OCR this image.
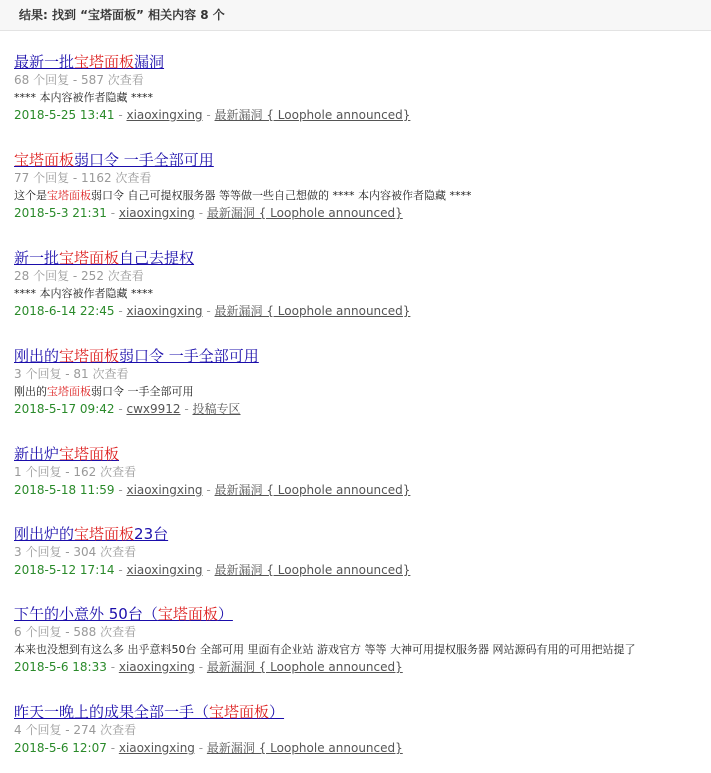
结果: 找到 “宝塔面板” 相关内容 8 个
最新一批宝塔面板漏洞
68 个回复 - 587 次查看
**** 本内容被作者隐藏 ****
2018-5-25 13:41 - xiaoxingxing - 最新漏洞 { Loophole announced}
宝塔面板弱口令 一手全部可用
77 个回复 - 1162 次查看
这个是宝塔面板弱口令 自己可提权服务器 等等做一些自己想做的 **** 本内容被作者隐藏 ****
2018-5-3 21:31 - xiaoxingxing - 最新漏洞 { Loophole announced}
新一批宝塔面板自己去提权
28 个回复 - 252 次查看
**** 本内容被作者隐藏 ****
2018-6-14 22:45 - xiaoxingxing - 最新漏洞 { Loophole announced}
刚出的宝塔面板弱口令 一手全部可用
3 个回复 - 81 次查看
刚出的宝塔面板弱口令 一手全部可用
2018-5-17 09:42 - cwx9912 - 投稿专区
新出炉宝塔面板
1 个回复 - 162 次查看
2018-5-18 11:59 - xiaoxingxing - 最新漏洞 { Loophole announced}
刚出炉的宝塔面板23台
3 个回复 - 304 次查看
2018-5-12 17:14 - xiaoxingxing - 最新漏洞 { Loophole announced}
下午的小意外 50台（宝塔面板）
6 个回复 - 588 次查看
本来也没想到有这么多 出乎意料50台 全部可用 里面有企业站 游戏官方 等等 大神可用提权服务器 网站源码有用的可用把站提了
2018-5-6 18:33 - xiaoxingxing - 最新漏洞 { Loophole announced}
昨天一晚上的成果全部一手（宝塔面板）
4 个回复 - 274 次查看
2018-5-6 12:07 - xiaoxingxing - 最新漏洞 { Loophole announced}
